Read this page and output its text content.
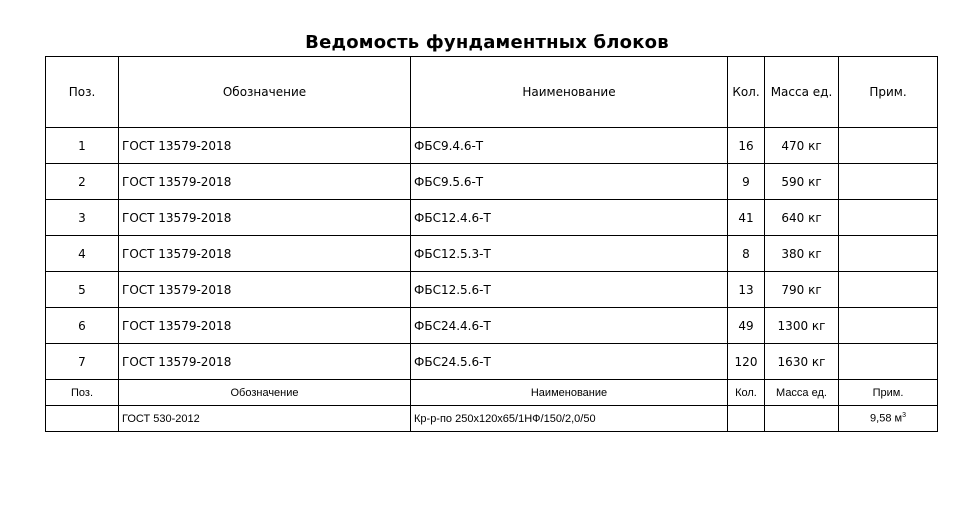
Ведомость фундаментных блоков
Поз.	Обозначение	Наименование	Кол.	Масса ед.	Прим.
1	ГОСТ 13579-2018	ФБС9.4.6-Т	16	470 кг	
2	ГОСТ 13579-2018	ФБС9.5.6-Т	9	590 кг	
3	ГОСТ 13579-2018	ФБС12.4.6-Т	41	640 кг	
4	ГОСТ 13579-2018	ФБС12.5.3-Т	8	380 кг	
5	ГОСТ 13579-2018	ФБС12.5.6-Т	13	790 кг	
6	ГОСТ 13579-2018	ФБС24.4.6-Т	49	1300 кг	
7	ГОСТ 13579-2018	ФБС24.5.6-Т	120	1630 кг	
Поз.	Обозначение	Наименование	Кол.	Масса ед.	Прим.
	ГОСТ 530-2012	Кр-р-по 250х120х65/1НФ/150/2,0/50			9,58 $м^3$
